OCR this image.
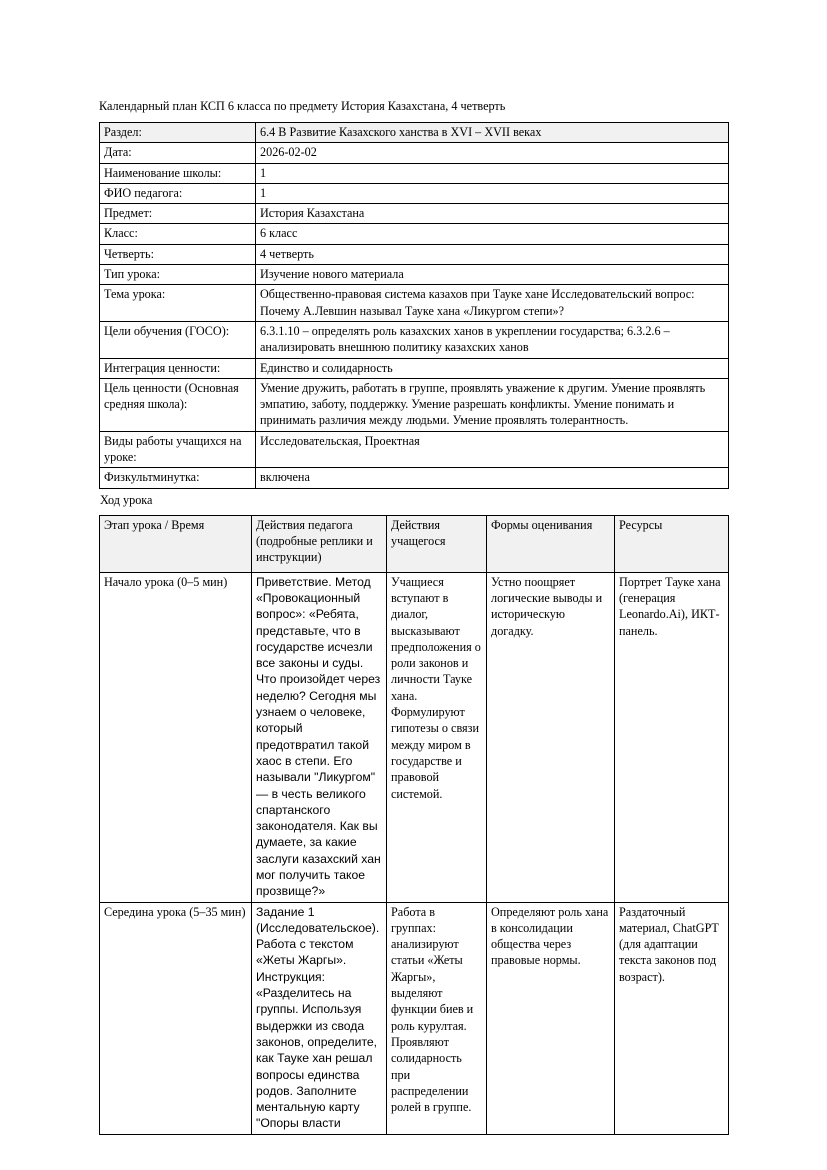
Календарный план КСП 6 класса по предмету История Казахстана, 4 четверть

Раздел:	6.4 В Развитие Казахского ханства в XVI – XVII веках
Дата:	2026-02-02
Наименование школы:	1
ФИО педагога:	1
Предмет:	История Казахстана
Класс:	6 класс
Четверть:	4 четверть
Тип урока:	Изучение нового материала
Тема урока:	Общественно-правовая система казахов при Тауке хане Исследовательский вопрос: Почему А.Левшин называл Тауке хана «Ликургом степи»?
Цели обучения (ГОСО):	6.3.1.10 – определять роль казахских ханов в укреплении государства; 6.3.2.6 – анализировать внешнюю политику казахских ханов
Интеграция ценности:	Единство и солидарность
Цель ценности (Основная средняя школа):	Умение дружить, работать в группе, проявлять уважение к другим. Умение проявлять эмпатию, заботу, поддержку. Умение разрешать конфликты. Умение понимать и принимать различия между людьми. Умение проявлять толерантность.
Виды работы учащихся на уроке:	Исследовательская, Проектная
Физкультминутка:	включена

Ход урока

Этап урока / Время	Действия педагога (подробные реплики и инструкции)	Действия учащегося	Формы оценивания	Ресурсы
Начало урока (0–5 мин)	Приветствие. Метод «Провокационный вопрос»: «Ребята, представьте, что в государстве исчезли все законы и суды. Что произойдет через неделю? Сегодня мы узнаем о человеке, который предотвратил такой хаос в степи. Его называли "Ликургом" — в честь великого спартанского законодателя. Как вы думаете, за какие заслуги казахский хан мог получить такое прозвище?»	Учащиеся вступают в диалог, высказывают предположения о роли законов и личности Тауке хана. Формулируют гипотезы о связи между миром в государстве и правовой системой.	Устно поощряет логические выводы и историческую догадку.	Портрет Тауке хана (генерация Leonardo.Ai), ИКТ-панель.
Середина урока (5–35 мин)	Задание 1 (Исследовательское). Работа с текстом «Жеты Жаргы». Инструкция: «Разделитесь на группы. Используя выдержки из свода законов, определите, как Тауке хан решал вопросы единства родов. Заполните ментальную карту "Опоры власти	Работа в группах: анализируют статьи «Жеты Жаргы», выделяют функции биев и роль курултая. Проявляют солидарность при распределении ролей в группе.	Определяют роль хана в консолидации общества через правовые нормы.	Раздаточный материал, ChatGPT (для адаптации текста законов под возраст).
